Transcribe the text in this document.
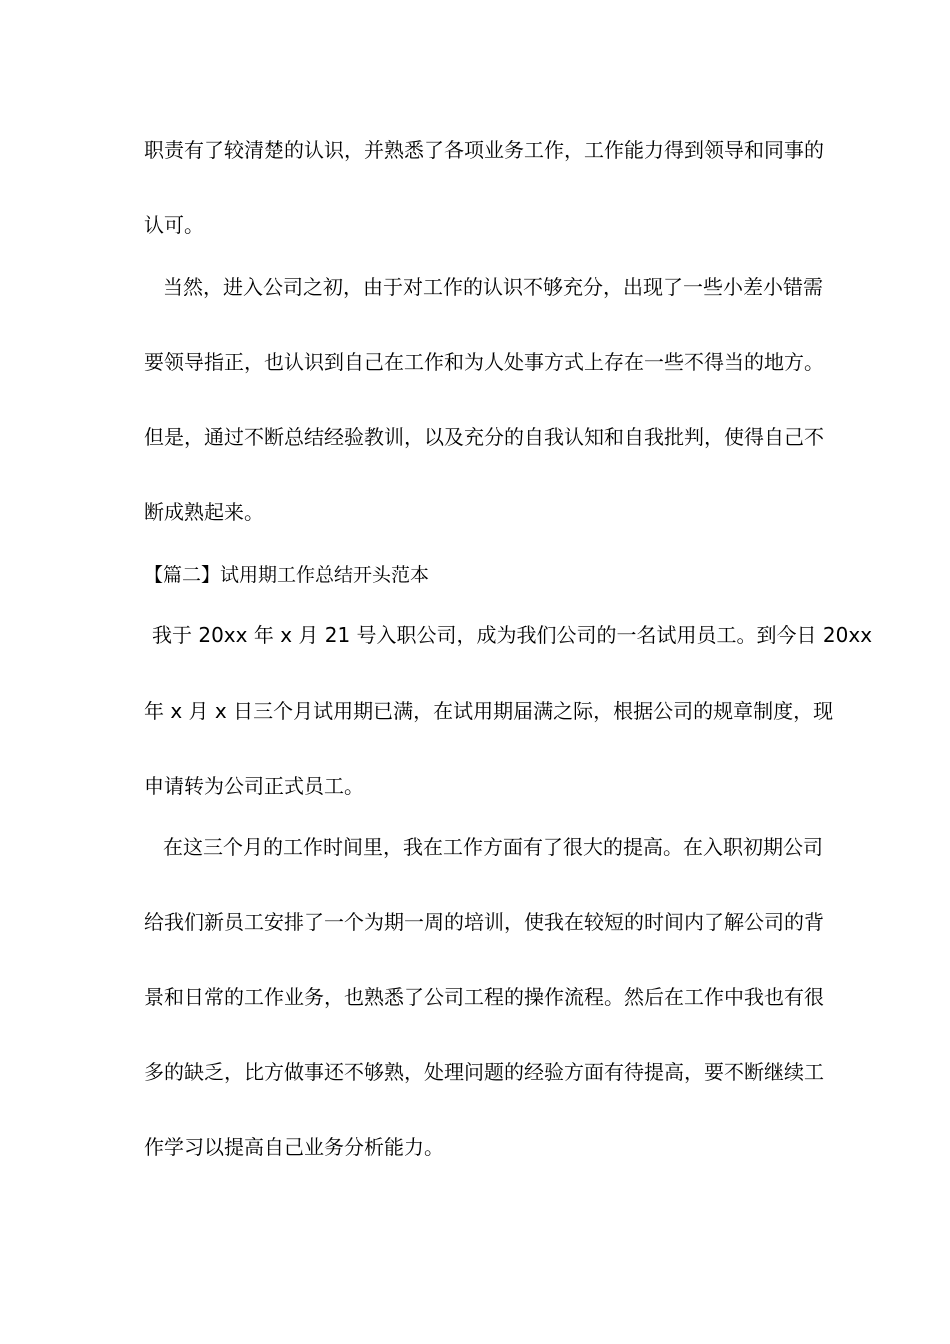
职责有了较清楚的认识，并熟悉了各项业务工作，工作能力得到领导和同事的
认可。
当然，进入公司之初，由于对工作的认识不够充分，出现了一些小差小错需
要领导指正，也认识到自己在工作和为人处事方式上存在一些不得当的地方。
但是，通过不断总结经验教训，以及充分的自我认知和自我批判，使得自己不
断成熟起来。
【篇二】试用期工作总结开头范本
我于 20xx 年 x 月 21 号入职公司，成为我们公司的一名试用员工。到今日 20xx
年 x 月 x 日三个月试用期已满，在试用期届满之际，根据公司的规章制度，现
申请转为公司正式员工。
在这三个月的工作时间里，我在工作方面有了很大的提高。在入职初期公司
给我们新员工安排了一个为期一周的培训，使我在较短的时间内了解公司的背
景和日常的工作业务，也熟悉了公司工程的操作流程。然后在工作中我也有很
多的缺乏，比方做事还不够熟，处理问题的经验方面有待提高，要不断继续工
作学习以提高自己业务分析能力。
